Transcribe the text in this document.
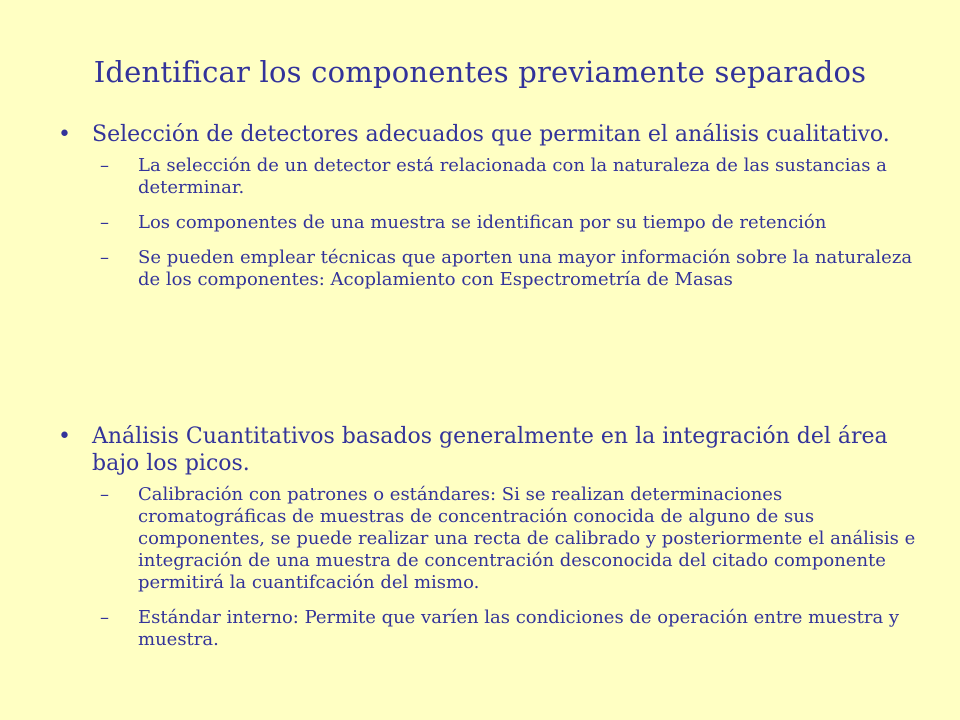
Identificar los componentes previamente separados
• Selección de detectores adecuados que permitan el análisis cualitativo.
– La selección de un detector está relacionada con la naturaleza de las sustancias a determinar.
– Los componentes de una muestra se identifican por su tiempo de retención
– Se pueden emplear técnicas que aporten una mayor información sobre la naturaleza de los componentes: Acoplamiento con Espectrometría de Masas
• Análisis Cuantitativos basados generalmente en la integración del área bajo los picos.
– Calibración con patrones o estándares: Si se realizan determinaciones cromatográficas de muestras de concentración conocida de alguno de sus componentes, se puede realizar una recta de calibrado y posteriormente el análisis e integración de una muestra de concentración desconocida del citado componente permitirá la cuantifcación del mismo.
– Estándar interno: Permite que varíen las condiciones de operación entre muestra y muestra.
